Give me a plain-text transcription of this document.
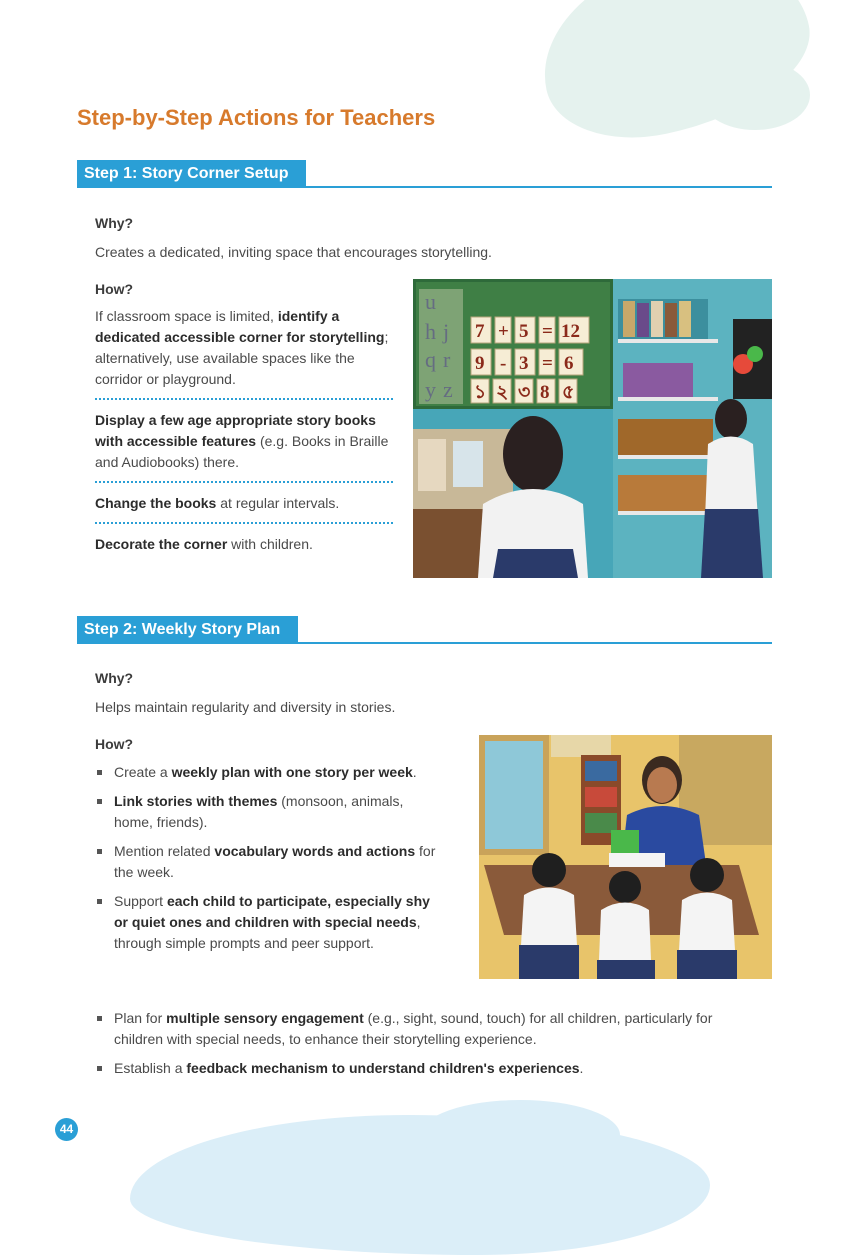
Step-by-Step Actions for Teachers
Step 1: Story Corner Setup

Why?

Creates a dedicated, inviting space that encourages storytelling.

How?

If classroom space is limited, identify a dedicated accessible corner for storytelling; alternatively, use available spaces like the corridor or playground.
Display a few age appropriate story books with accessible features (e.g. Books in Braille and Audiobooks) there.
Change the books at regular intervals.
Decorate the corner with children.
u
h j
q r
y z
7 + 5 = 12
9 - 3 = 6
১ ২ ৩ 8 ৫
Step 2: Weekly Story Plan

Why?

Helps maintain regularity and diversity in stories.

How?

Create a weekly plan with one story per week.
Link stories with themes (monsoon, animals, home, friends).
Mention related vocabulary words and actions for the week.
Support each child to participate, especially shy or quiet ones and children with special needs, through simple prompts and peer support.
Plan for multiple sensory engagement (e.g., sight, sound, touch) for all children, particularly for children with special needs, to enhance their storytelling experience.
Establish a feedback mechanism to understand children's experiences.
44
